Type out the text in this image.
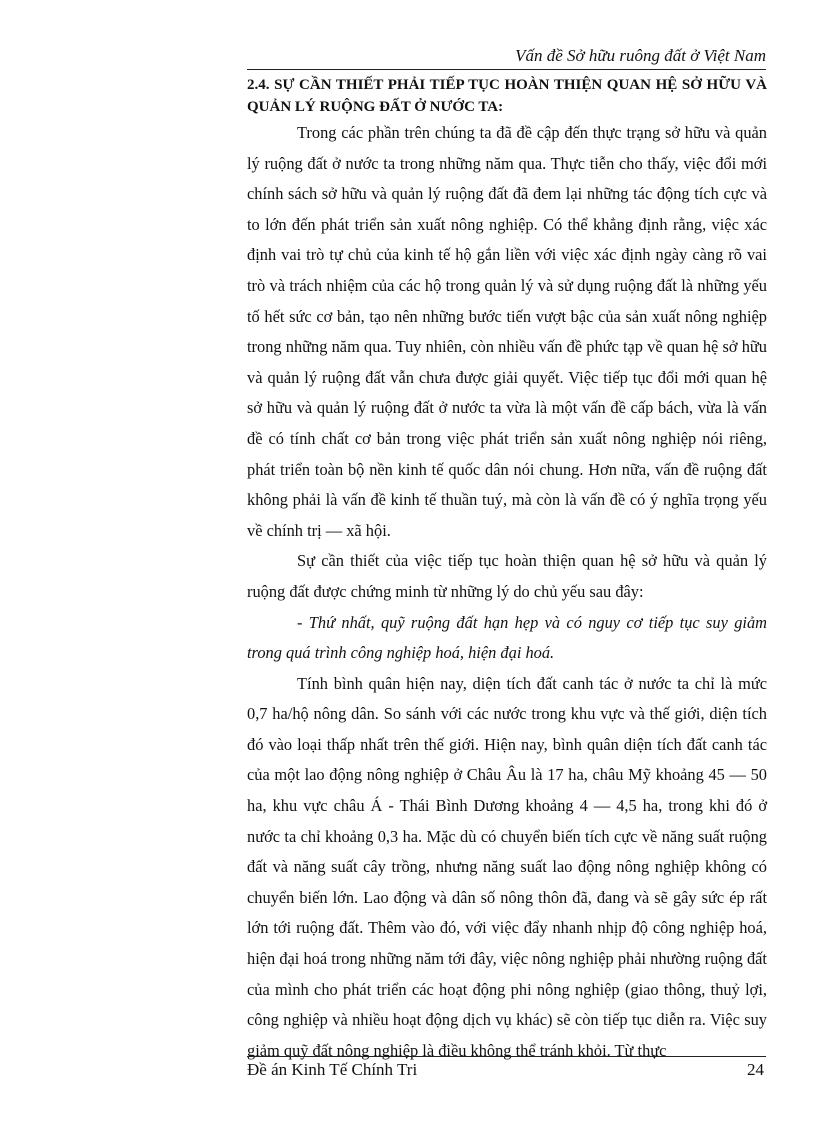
Vấn đề Sở hữu ruông đất ở Việt Nam

2.4. SỰ CẦN THIẾT PHẢI TIẾP TỤC HOÀN THIỆN QUAN HỆ SỞ HỮU VÀ QUẢN LÝ RUỘNG ĐẤT Ở NƯỚC TA:

Trong các phần trên chúng ta đã đề cập đến thực trạng sở hữu và quản lý ruộng đất ở nước ta trong những năm qua. Thực tiễn cho thấy, việc đổi mới chính sách sở hữu và quản lý ruộng đất đã đem lại những tác động tích cực và to lớn đến phát triển sản xuất nông nghiệp. Có thể khẳng định rằng, việc xác định vai trò tự chủ của kinh tế hộ gắn liền với việc xác định ngày càng rõ vai trò và trách nhiệm của các hộ trong quản lý và sử dụng ruộng đất là những yếu tố hết sức cơ bản, tạo nên những bước tiến vượt bậc của sản xuất nông nghiệp trong những năm qua. Tuy nhiên, còn nhiều vấn đề phức tạp về quan hệ sở hữu và quản lý ruộng đất vẫn chưa được giải quyết. Việc tiếp tục đổi mới quan hệ sở hữu và quản lý ruộng đất ở nước ta vừa là một vấn đề cấp bách, vừa là vấn đề có tính chất cơ bản trong việc phát triển sản xuất nông nghiệp nói riêng, phát triển toàn bộ nền kinh tế quốc dân nói chung. Hơn nữa, vấn đề ruộng đất không phải là vấn đề kinh tế thuần tuý, mà còn là vấn đề có ý nghĩa trọng yếu về chính trị — xã hội.

Sự cần thiết của việc tiếp tục hoàn thiện quan hệ sở hữu và quản lý ruộng đất được chứng minh từ những lý do chủ yếu sau đây:

- Thứ nhất, quỹ ruộng đất hạn hẹp và có nguy cơ tiếp tục suy giảm trong quá trình công nghiệp hoá, hiện đại hoá.

Tính bình quân hiện nay, diện tích đất canh tác ở nước ta chỉ là mức 0,7 ha/hộ nông dân. So sánh với các nước trong khu vực và thế giới, diện tích đó vào loại thấp nhất trên thế giới. Hiện nay, bình quân diện tích đất canh tác của một lao động nông nghiệp ở Châu Âu là 17 ha, châu Mỹ khoảng 45 — 50 ha, khu vực châu Á - Thái Bình Dương khoảng 4 — 4,5 ha, trong khi đó ở nước ta chỉ khoảng 0,3 ha. Mặc dù có chuyển biến tích cực về năng suất ruộng đất và năng suất cây trồng, nhưng năng suất lao động nông nghiệp không có chuyển biến lớn. Lao động và dân số nông thôn đã, đang và sẽ gây sức ép rất lớn tới ruộng đất. Thêm vào đó, với việc đẩy nhanh nhịp độ công nghiệp hoá, hiện đại hoá trong những năm tới đây, việc nông nghiệp phải nhường ruộng đất của mình cho phát triển các hoạt động phi nông nghiệp (giao thông, thuỷ lợi, công nghiệp và nhiều hoạt động dịch vụ khác) sẽ còn tiếp tục diễn ra. Việc suy giảm quỹ đất nông nghiệp là điều không thể tránh khỏi. Từ thực

Đề án Kinh Tế Chính Tri	24
